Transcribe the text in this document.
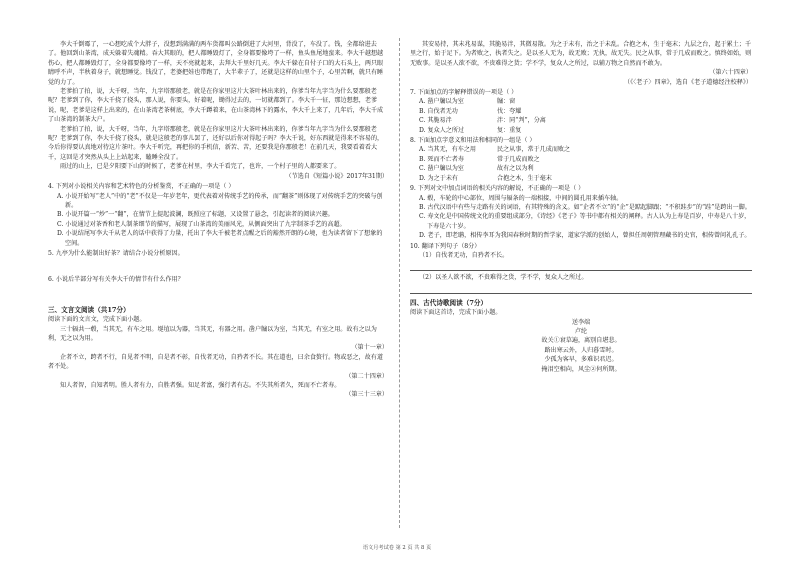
李大千倒霉了，一心想吃成个大胖子，没想到满满的两车货都叫公路倒进了大河里，背没了，车没了。钱，全都给进去了。他回到山茶湾，成天躲着失魂精。吞大其眼的，把人都睡毁灯了，全身都要像垮了一样，鱼头鱼尾地蛮来。李大千越想越伤心，把人都睡毁灯了，全身都要像垮了一样，天不亮就起来，去拜大千里好几天。李大千躲在自付子口的大石头上，两只眼睛呼不声，半秋着身子，就想睡觉。钱没了，老婆把娃也带跑了，大半辈子了，还就是这样的山里个子，心里苦啊，就只有睡觉的力了。

老爹拍了拍，说，大千呀，当年，九字塔那般老，就是在你家里这片大茶叶林出来的，你爹当年九字当为什么要那般老呢？老爹到了你，李大千挠了挠头，那人说，你要头，好着呢，锄得过去的，一切就都到了。李大千一征，那边想想，老爹说，呢，老爹是这样上出来的，在山茶湾老茶树底，李大千蹲着来，在山茶湾林下的露水，李大千上来了，几年后，李大千成了山茶湾的制茶大户。

老爹拍了拍，说，大千呀，当年，九字塔那般老，就是在你家里这片大茶叶林出来的，你爹当年九字当为什么要那般老呢？老爹到了你，李大千挠了挠头，就是这般老的事儿罢了，还好以后你对得起子吗？李大千说，好东西就是得来不容易的，今后你得要认真地对待这片茶叶。李大千听完，再把你的手机信，新苦、苦，还要我是你那般老！在前几天，我要看着看大千，这回是才突然从头上上站起来，瞌睡全没了。

雨过的山上，已是夕阳要下山的时候了，老爹在村里，李大千看完了，也许，一个村子里的人都要来了。

（节选自《短篇小说》2017年31期）

4. 下列对小说相关内容和艺术特色的分析鉴赏，不正确的一项是（ ）

A. 小说开始写“老人”中的“老”不仅是一年岁老年，更代表着对传统手艺的传承，而“翻茶”则体现了对传统手艺的突破与创新。

B. 小说开篇一“炒”一“翻”，在情节上提起波澜，既照应了标题，又设置了悬念，引起读者的阅读兴趣。

C. 小说通过对茶香和老人制茶细节的描写，展现了山茶湾的美丽风光，从侧面突出了九字制茶手艺的高超。

D. 小说结尾写李大千从老人的话中获得了力量，托出了李大千被老者点醒之后的豁然开朗的心境，也为读者留下了想象的空间。

5. 九亭为什么能制出好茶？请结合小说分析原因。

6. 小说后半部分写有关李大千的情节有什么作用？

三、文言文阅读（共17分）

阅读下面的文言文，完成下面小题。

三十辐共一毂，当其无，有车之用。埏埴以为器，当其无，有器之用。凿户牖以为室，当其无，有室之用。故有之以为利，无之以为用。

（第十一章）

企者不立，跨者不行，自见者不明，自是者不彰，自伐者无功，自矜者不长。其在道也，曰余食赘行。物或恶之，故有道者不处。

（第二十四章）

知人者智，自知者明。胜人者有力，自胜者强。知足者富，强行者有志。不失其所者久，死而不亡者寿。

（第三十三章）

其安易持，其未兆易谋，其脆易泮，其微易散。为之于未有，治之于未乱。合抱之木，生于毫末；九层之台，起于累土；千里之行，始于足下。为者败之，执者失之。是以圣人无为，故无败；无执，故无失。民之从事，常于几成而败之。慎终如始，则无败事。是以圣人欲不欲，不贵难得之货；学不学，复众人之所过，以辅万物之自然而不敢为。

（第六十四章）

（《〈老子〉四章》，选自《老子道德经注校释》）

7. 下面加点的字解释错误的一项是（ ）

A. 凿户牖以为室	牖：窗
B. 自伐者无功	伐：夸耀
C. 其脆易泮	泮：同“判”，分离
D. 复众人之所过	复：重复

8. 下面加点字意义和用法和相同的一组是（ ）

A. 当其无，有车之用	民之从事，常于几成而败之
B. 死而不亡者寿	常于几成而败之
C. 凿户牖以为室	故有之以为利
D. 为之于未有	合抱之木，生于毫末

9. 下列对文中加点词语的相关内容的解说，不正确的一项是（ ）

A. 毂，车轮的中心部位，周围与辐条的一端相接，中间的圆孔用来插车轴。

B. 古代汉语中有些与走路有关的词语，有其特殊的含义。如“企者不立”的“企”是踮起脚跟；“不积跬步”的“跬”是跨出一脚。

C. 寿文化是中国传统文化的重要组成部分，《诗经》《老子》等书中都有相关的阐释。古人认为上寿是百岁，中寿是八十岁，下寿是六十岁。

D. 老子，即老聃，相传李耳为我国春秋时期的哲学家，道家学派的创始人，曾担任周朝管理藏书的史官，相传曾问礼孔子。

10. 翻译下列句子（8分）

（1）自伐者无功，自矜者不长。

（2）以圣人欲不欲，不贵难得之货，学不学，复众人之所过。

四、古代诗歌阅读（7分）

阅读下面这首诗，完成下面小题。

送李端

卢纶

故关①衰草遍，离别自堪悲。

路出寒云外，人归暮雪时。

少孤为客早，多难识君迟。

掩泪空相向，风尘②何所期。

语文月考试卷 第 2 页 共 8 页
